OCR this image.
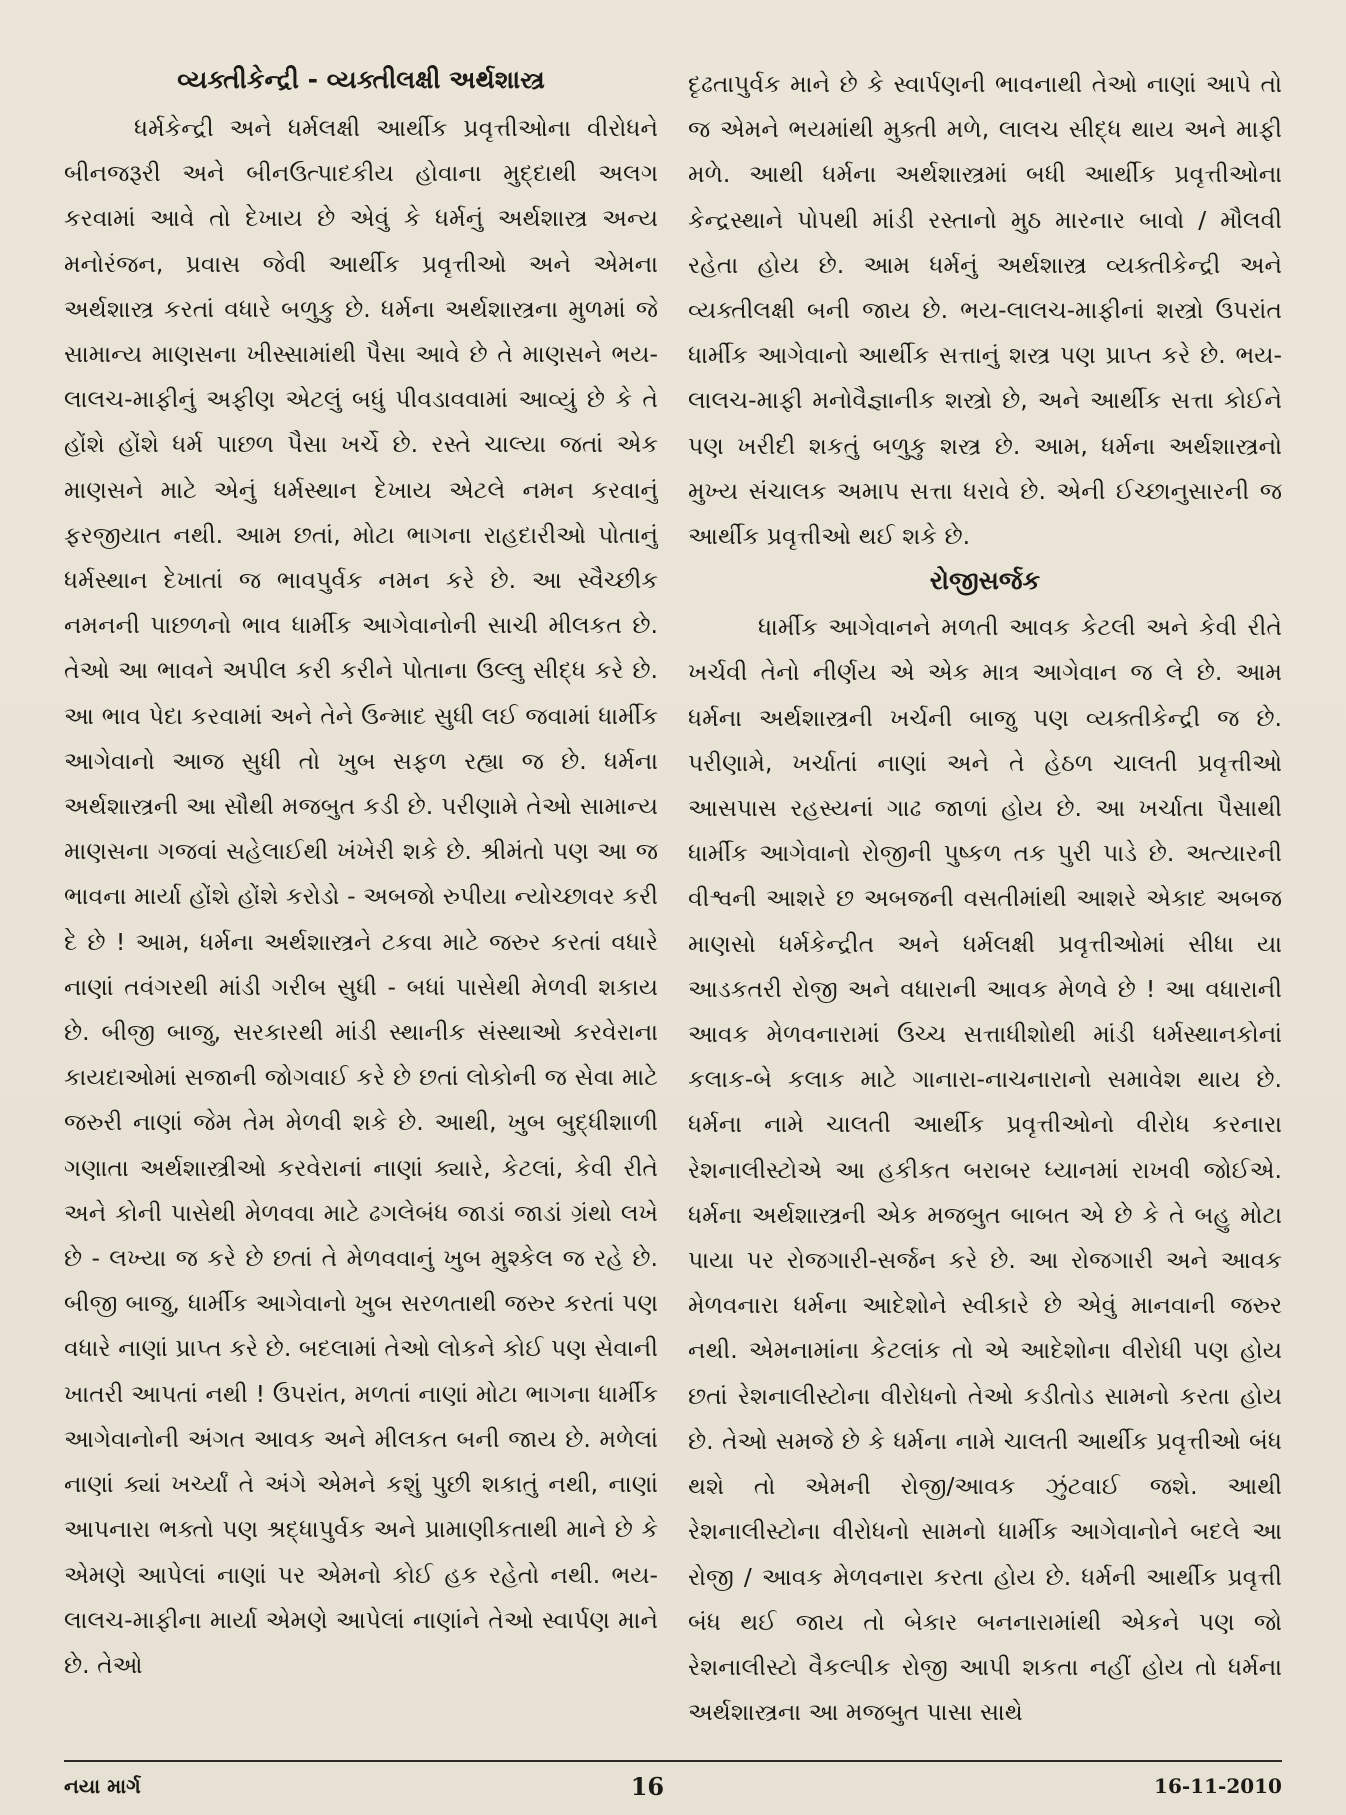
વ્યક્તીકેન્દ્રી - વ્યક્તીલક્ષી અર્થશાસ્ત્ર

ધર્મકેન્દ્રી અને ધર્મલક્ષી આર્થીક પ્રવૃત્તીઓના વીરોધને બીનજરૂરી અને બીનઉત્પાદકીય હોવાના મુદ્દાથી અલગ કરવામાં આવે તો દેખાય છે એવું કે ધર્મનું અર્થશાસ્ત્ર અન્ય મનોરંજન, પ્રવાસ જેવી આર્થીક પ્રવૃત્તીઓ અને એમના અર્થશાસ્ત્ર કરતાં વધારે બળુકુ છે. ધર્મના અર્થશાસ્ત્રના મુળમાં જે સામાન્ય માણસના ખીસ્સામાંથી પૈસા આવે છે તે માણસને ભય-લાલચ-માફીનું અફીણ એટલું બધું પીવડાવવામાં આવ્યું છે કે તે હોંશે હોંશે ધર્મ પાછળ પૈસા ખર્ચે છે. રસ્તે ચાલ્યા જતાં એક માણસને માટે એનું ધર્મસ્થાન દેખાય એટલે નમન કરવાનું ફરજીયાત નથી. આમ છતાં, મોટા ભાગના રાહદારીઓ પોતાનું ધર્મસ્થાન દેખાતાં જ ભાવપુર્વક નમન કરે છે. આ સ્વૈચ્છીક નમનની પાછળનો ભાવ ધાર્મીક આગેવાનોની સાચી મીલકત છે. તેઓ આ ભાવને અપીલ કરી કરીને પોતાના ઉલ્લુ સીદ્ધ કરે છે. આ ભાવ પેદા કરવામાં અને તેને ઉન્માદ સુધી લઈ જવામાં ધાર્મીક આગેવાનો આજ સુધી તો ખુબ સફળ રહ્યા જ છે. ધર્મના અર્થશાસ્ત્રની આ સૌથી મજબુત કડી છે. પરીણામે તેઓ સામાન્ય માણસના ગજવાં સહેલાઈથી ખંખેરી શકે છે. શ્રીમંતો પણ આ જ ભાવના માર્યા હોંશે હોંશે કરોડો - અબજો રુપીયા ન્યોચ્છાવર કરી દે છે ! આમ, ધર્મના અર્થશાસ્ત્રને ટકવા માટે જરુર કરતાં વધારે નાણાં તવંગરથી માંડી ગરીબ સુધી - બધાં પાસેથી મેળવી શકાય છે. બીજી બાજુ, સરકારથી માંડી સ્થાનીક સંસ્થાઓ કરવેરાના કાયદાઓમાં સજાની જોગવાઈ કરે છે છતાં લોકોની જ સેવા માટે જરુરી નાણાં જેમ તેમ મેળવી શકે છે. આથી, ખુબ બુદ્ધીશાળી ગણાતા અર્થશાસ્ત્રીઓ કરવેરાનાં નાણાં ક્યારે, કેટલાં, કેવી રીતે અને કોની પાસેથી મેળવવા માટે ઢગલેબંધ જાડાં જાડાં ગ્રંથો લખે છે - લખ્યા જ કરે છે છતાં તે મેળવવાનું ખુબ મુશ્કેલ જ રહે છે. બીજી બાજુ, ધાર્મીક આગેવાનો ખુબ સરળતાથી જરુર કરતાં પણ વધારે નાણાં પ્રાપ્ત કરે છે. બદલામાં તેઓ લોકને કોઈ પણ સેવાની ખાતરી આપતાં નથી ! ઉપરાંત, મળતાં નાણાં મોટા ભાગના ધાર્મીક આગેવાનોની અંગત આવક અને મીલકત બની જાય છે. મળેલાં નાણાં ક્યાં ખર્ચ્યાં તે અંગે એમને કશું પુછી શકાતું નથી, નાણાં આપનારા ભક્તો પણ શ્રદ્ધાપુર્વક અને પ્રામાણીકતાથી માને છે કે એમણે આપેલાં નાણાં પર એમનો કોઈ હક રહેતો નથી. ભય-લાલચ-માફીના માર્યા એમણે આપેલાં નાણાંને તેઓ સ્વાર્પણ માને છે. તેઓ

દૃઢતાપુર્વક માને છે કે સ્વાર્પણની ભાવનાથી તેઓ નાણાં આપે તો જ એમને ભયમાંથી મુક્તી મળે, લાલચ સીદ્ધ થાય અને માફી મળે. આથી ધર્મના અર્થશાસ્ત્રમાં બધી આર્થીક પ્રવૃત્તીઓના કેન્દ્રસ્થાને પોપથી માંડી રસ્તાનો મુઠ મારનાર બાવો / મૌલવી રહેતા હોય છે. આમ ધર્મનું અર્થશાસ્ત્ર વ્યક્તીકેન્દ્રી અને વ્યક્તીલક્ષી બની જાય છે. ભય-લાલચ-માફીનાં શસ્ત્રો ઉપરાંત ધાર્મીક આગેવાનો આર્થીક સત્તાનું શસ્ત્ર પણ પ્રાપ્ત કરે છે. ભય-લાલચ-માફી મનોવૈજ્ઞાનીક શસ્ત્રો છે, અને આર્થીક સત્તા કોઈને પણ ખરીદી શકતું બળુકુ શસ્ત્ર છે. આમ, ધર્મના અર્થશાસ્ત્રનો મુખ્ય સંચાલક અમાપ સત્તા ધરાવે છે. એની ઈચ્છાનુસારની જ આર્થીક પ્રવૃત્તીઓ થઈ શકે છે.

રોજીસર્જક

ધાર્મીક આગેવાનને મળતી આવક કેટલી અને કેવી રીતે ખર્ચવી તેનો નીર્ણય એ એક માત્ર આગેવાન જ લે છે. આમ ધર્મના અર્થશાસ્ત્રની ખર્ચની બાજુ પણ વ્યક્તીકેન્દ્રી જ છે. પરીણામે, ખર્ચાતાં નાણાં અને તે હેઠળ ચાલતી પ્રવૃત્તીઓ આસપાસ રહસ્યનાં ગાઢ જાળાં હોય છે. આ ખર્ચાતા પૈસાથી ધાર્મીક આગેવાનો રોજીની પુષ્કળ તક પુરી પાડે છે. અત્યારની વીશ્વની આશરે છ અબજની વસતીમાંથી આશરે એકાદ અબજ માણસો ધર્મકેન્દ્રીત અને ધર્મલક્ષી પ્રવૃત્તીઓમાં સીધા યા આડકતરી રોજી અને વધારાની આવક મેળવે છે ! આ વધારાની આવક મેળવનારામાં ઉચ્ચ સત્તાધીશોથી માંડી ધર્મસ્થાનકોનાં કલાક-બે કલાક માટે ગાનારા-નાચનારાનો સમાવેશ થાય છે. ધર્મના નામે ચાલતી આર્થીક પ્રવૃત્તીઓનો વીરોધ કરનારા રેશનાલીસ્ટોએ આ હકીકત બરાબર ધ્યાનમાં રાખવી જોઈએ. ધર્મના અર્થશાસ્ત્રની એક મજબુત બાબત એ છે કે તે બહુ મોટા પાયા પર રોજગારી-સર્જન કરે છે. આ રોજગારી અને આવક મેળવનારા ધર્મના આદેશોને સ્વીકારે છે એવું માનવાની જરુર નથી. એમનામાંના કેટલાંક તો એ આદેશોના વીરોધી પણ હોય છતાં રેશનાલીસ્ટોના વીરોધનો તેઓ કડીતોડ સામનો કરતા હોય છે. તેઓ સમજે છે કે ધર્મના નામે ચાલતી આર્થીક પ્રવૃત્તીઓ બંધ થશે તો એમની રોજી/આવક ઝુંટવાઈ જશે. આથી રેશનાલીસ્ટોના વીરોધનો સામનો ધાર્મીક આગેવાનોને બદલે આ રોજી / આવક મેળવનારા કરતા હોય છે. ધર્મની આર્થીક પ્રવૃત્તી બંધ થઈ જાય તો બેકાર બનનારામાંથી એકને પણ જો રેશનાલીસ્ટો વૈકલ્પીક રોજી આપી શકતા નહીં હોય તો ધર્મના અર્થશાસ્ત્રના આ મજબુત પાસા સાથે

નયા માર્ગ	16	16-11-2010
